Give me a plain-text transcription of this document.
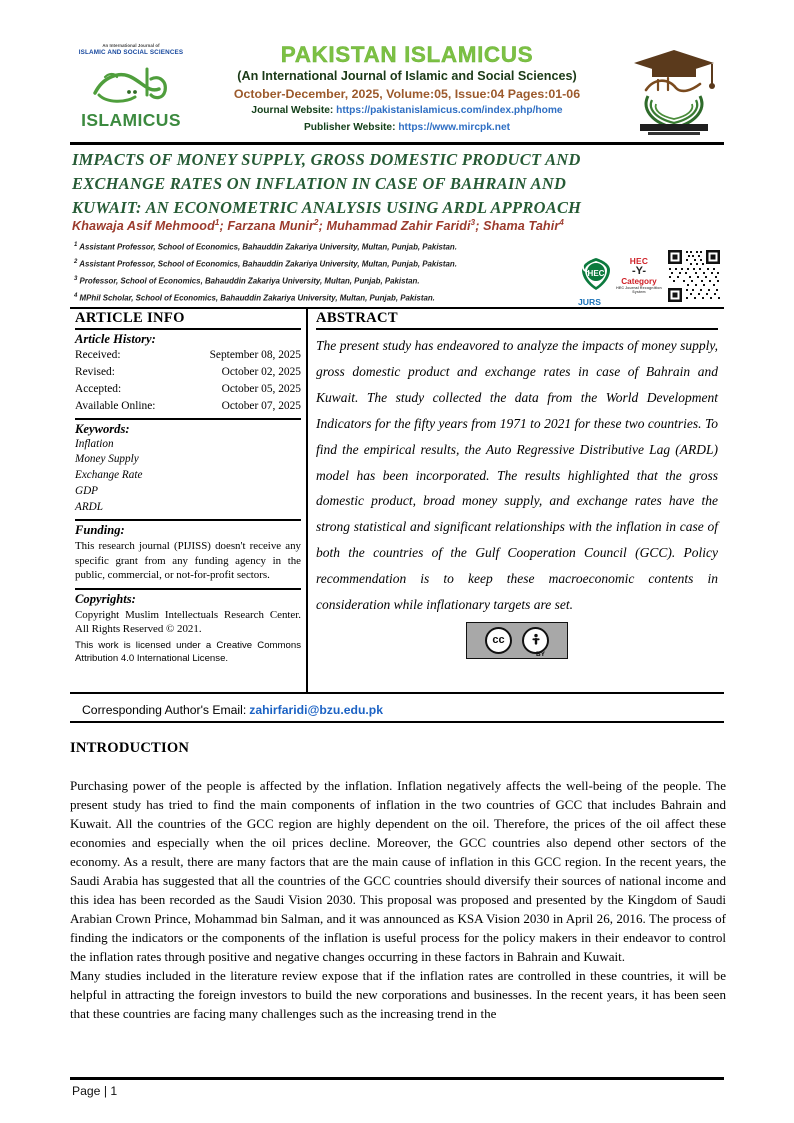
An International Journal of
ISLAMIC AND SOCIAL SCIENCES
ISLAMICUS
PAKISTAN ISLAMICUS
(An International Journal of Islamic and Social Sciences)
October-December, 2025, Volume:05, Issue:04 Pages:01-06
Journal Website: https://pakistanislamicus.com/index.php/home
Publisher Website: https://www.mircpk.net
IMPACTS OF MONEY SUPPLY, GROSS DOMESTIC PRODUCT AND
EXCHANGE RATES ON INFLATION IN CASE OF BAHRAIN AND
KUWAIT: AN ECONOMETRIC ANALYSIS USING ARDL APPROACH
Khawaja Asif Mehmood$^1$; Farzana Munir$^2$; Muhammad Zahir Faridi$^3$; Shama Tahir$^4$
$^1$ Assistant Professor, School of Economics, Bahauddin Zakariya University, Multan, Punjab, Pakistan.
$^2$ Assistant Professor, School of Economics, Bahauddin Zakariya University, Multan, Punjab, Pakistan.
$^3$ Professor, School of Economics, Bahauddin Zakariya University, Multan, Punjab, Pakistan.
$^4$ MPhil Scholar, School of Economics, Bahauddin Zakariya University, Multan, Punjab, Pakistan.
HEC
HEC
-Y-
Category
HEC Journal Recognition System
JURS
ARTICLE INFO
Article History:
Received:	September 08, 2025
Revised:	October 02, 2025
Accepted:	October 05, 2025
Available Online:	October 07, 2025
Keywords:
Inflation
Money Supply
Exchange Rate
GDP
ARDL
Funding:
This research journal (PIJISS) doesn't receive any specific grant from any funding agency in the public, commercial, or not-for-profit sectors.
Copyrights:
Copyright Muslim Intellectuals Research Center. All Rights Reserved © 2021.
This work is licensed under a Creative Commons Attribution 4.0 International License.
ABSTRACT
The present study has endeavored to analyze the impacts of money supply, gross domestic product and exchange rates in case of Bahrain and Kuwait. The study collected the data from the World Development Indicators for the fifty years from 1971 to 2021 for these two countries. To find the empirical results, the Auto Regressive Distributive Lag (ARDL) model has been incorporated. The results highlighted that the gross domestic product, broad money supply, and exchange rates have the strong statistical and significant relationships with the inflation in case of both the countries of the Gulf Cooperation Council (GCC). Policy recommendation is to keep these macroeconomic contents in consideration while inflationary targets are set.
cc
BY
Corresponding Author's Email: zahirfaridi@bzu.edu.pk
INTRODUCTION

Purchasing power of the people is affected by the inflation. Inflation negatively affects the well-being of the people. The present study has tried to find the main components of inflation in the two countries of GCC that includes Bahrain and Kuwait. All the countries of the GCC region are highly dependent on the oil. Therefore, the prices of the oil affect these economies and especially when the oil prices decline. Moreover, the GCC countries also depend other sectors of the economy. As a result, there are many factors that are the main cause of inflation in this GCC region. In the recent years, the Saudi Arabia has suggested that all the countries of the GCC countries should diversify their sources of national income and this idea has been recorded as the Saudi Vision 2030. This proposal was proposed and presented by the Kingdom of Saudi Arabian Crown Prince, Mohammad bin Salman, and it was announced as KSA Vision 2030 in April 26, 2016. The process of finding the indicators or the components of the inflation is useful process for the policy makers in their endeavor to control the inflation rates through positive and negative changes occurring in these factors in Bahrain and Kuwait.

Many studies included in the literature review expose that if the inflation rates are controlled in these countries, it will be helpful in attracting the foreign investors to build the new corporations and businesses. In the recent years, it has been seen that these countries are facing many challenges such as the increasing trend in the

Page | 1
